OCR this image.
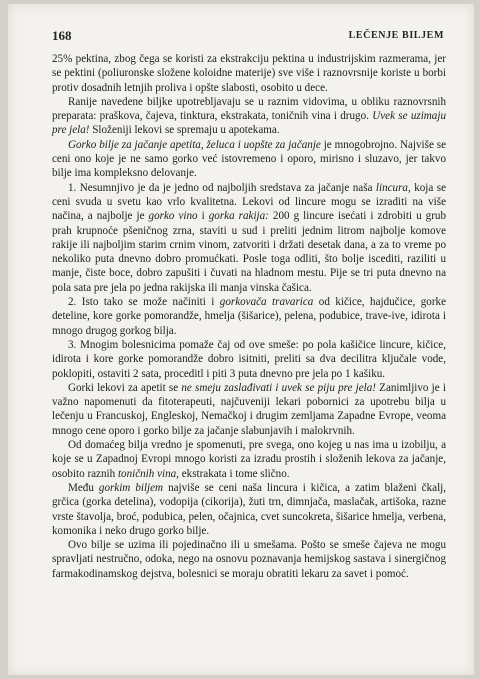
168	LEČENJE BILJEM

25% pektina, zbog čega se koristi za ekstrakciju pektina u industrijskim razmerama, jer se pektini (poliuronske složene koloidne materije) sve više i raznovrsnije koriste u borbi protiv dosadnih letnjih proliva i opšte slabosti, osobito u dece.

Ranije navedene biljke upotrebljavaju se u raznim vidovima, u obliku raznovrsnih preparata: praškova, čajeva, tinktura, ekstrakata, toničnih vina i drugo. Uvek se uzimaju pre jela! Složeniji lekovi se spremaju u apotekama.

Gorko bilje za jačanje apetita, želuca i uopšte za jačanje je mnogobrojno. Najviše se ceni ono koje je ne samo gorko već istovremeno i oporo, mirisno i sluzavo, jer takvo bilje ima kompleksno delovanje.

1. Nesumnjivo je da je jedno od najboljih sredstava za jačanje naša lincura, koja se ceni svuda u svetu kao vrlo kvalitetna. Lekovi od lincure mogu se izraditi na više načina, a najbolje je gorko vino i gorka rakija: 200 g lincure isećati i zdrobiti u grub prah krupnoće pšeničnog zrna, staviti u sud i preliti jednim litrom najbolje komove rakije ili najboljim starim crnim vinom, zatvoriti i držati desetak dana, a za to vreme po nekoliko puta dnevno dobro promućkati. Posle toga odliti, što bolje iscediti, raziliti u manje, čiste boce, dobro zapušiti i čuvati na hladnom mestu. Pije se tri puta dnevno na pola sata pre jela po jedna rakijska ili manja vinska čašica.

2. Isto tako se može načiniti i gorkovača travarica od kičice, hajdučice, gorke deteline, kore gorke pomorandže, hmelja (šišarice), pelena, podubice, trave-ive, idirota i mnogo drugog gorkog bilja.

3. Mnogim bolesnicima pomaže čaj od ove smeše: po pola kašičice lincure, kičice, idirota i kore gorke pomorandže dobro isitniti, preliti sa dva decilitra ključale vode, poklopiti, ostaviti 2 sata, proceditl i piti 3 puta dnevno pre jela po 1 kašiku.

Gorki lekovi za apetit se ne smeju zaslađivati i uvek se piju pre jela! Zanimljivo je i važno napomenuti da fitoterapeuti, najčuveniji lekari pobornici za upotrebu bilja u lečenju u Francuskoj, Engleskoj, Nemačkoj i drugim zemljama Zapadne Evrope, veoma mnogo cene oporo i gorko bilje za jačanje slabunjavih i malokrvnih.

Od domaćeg bilja vredno je spomenuti, pre svega, ono kojeg u nas ima u izobilju, a koje se u Zapadnoj Evropi mnogo koristi za izradu prostih i složenih lekova za jačanje, osobito raznih toničnih vina, ekstrakata i tome slično.

Među gorkim biljem najviše se ceni naša lincura i kičica, a zatim blaženi čkalj, grčica (gorka detelina), vodopija (cikorija), žuti trn, dimnjača, maslačak, artišoka, razne vrste štavolja, broć, podubica, pelen, očajnica, cvet suncokreta, šišarice hmelja, verbena, komonika i neko drugo gorko bilje.

Ovo bilje se uzima ili pojedinačno ili u smešama. Pošto se smeše čajeva ne mogu spravljati nestručno, odoka, nego na osnovu poznavanja hemijskog sastava i sinergičnog farmakodinamskog dejstva, bolesnici se moraju obratiti lekaru za savet i pomoć.
